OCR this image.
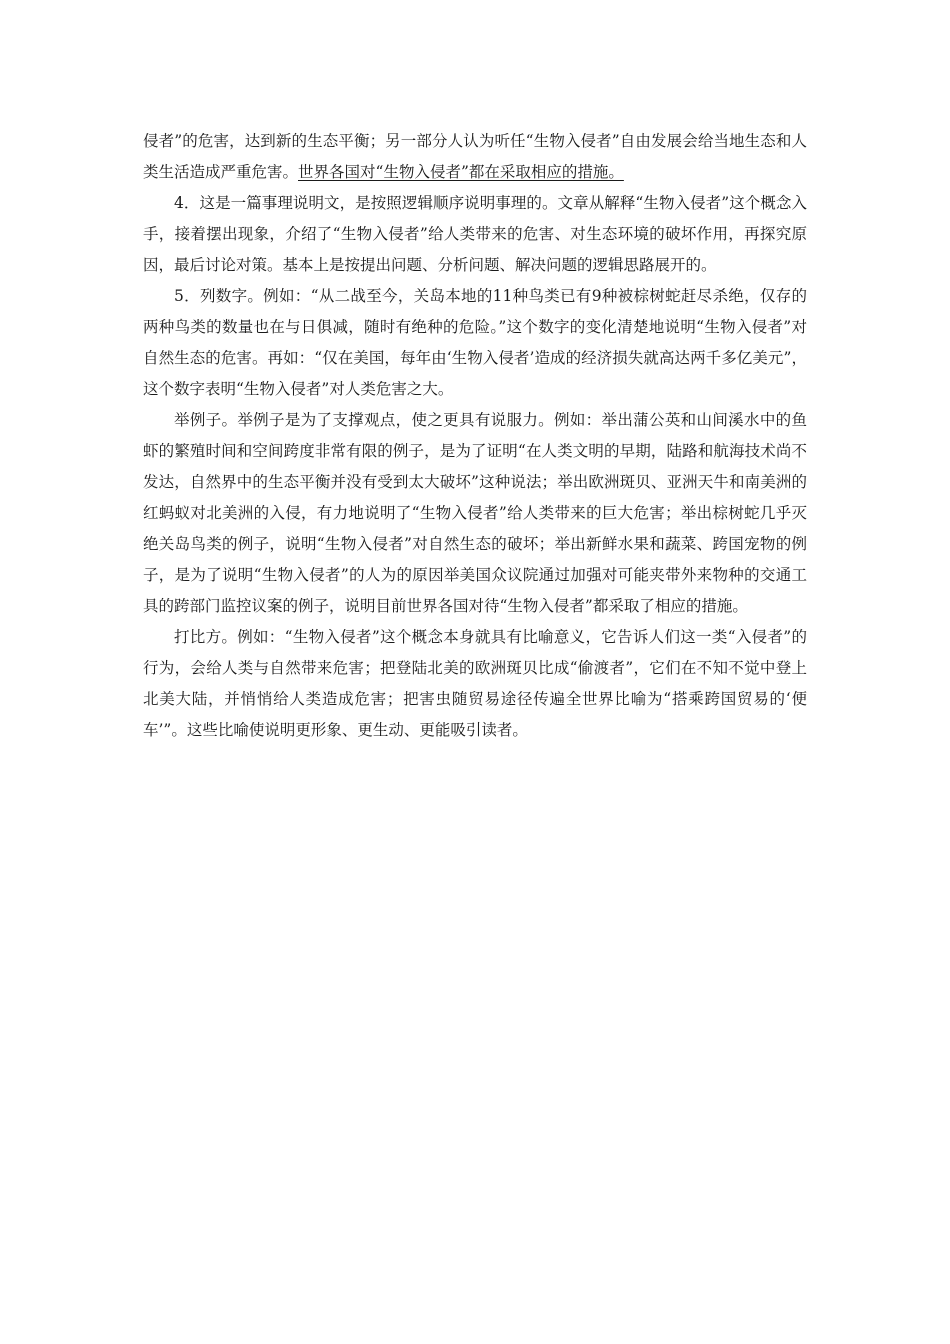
侵者”的危害，达到新的生态平衡；另一部分人认为听任“生物入侵者”自由发展会给当地生态和人类生活造成严重危害。世界各国对“生物入侵者”都在采取相应的措施。

4．这是一篇事理说明文，是按照逻辑顺序说明事理的。文章从解释“生物入侵者”这个概念入手，接着摆出现象，介绍了“生物入侵者”给人类带来的危害、对生态环境的破坏作用，再探究原因，最后讨论对策。基本上是按提出问题、分析问题、解决问题的逻辑思路展开的。

5．列数字。例如：“从二战至今，关岛本地的11种鸟类已有9种被棕树蛇赶尽杀绝，仅存的两种鸟类的数量也在与日俱减，随时有绝种的危险。”这个数字的变化清楚地说明“生物入侵者”对自然生态的危害。再如：“仅在美国，每年由‘生物入侵者’造成的经济损失就高达两千多亿美元”，这个数字表明“生物入侵者”对人类危害之大。

举例子。举例子是为了支撑观点，使之更具有说服力。例如：举出蒲公英和山间溪水中的鱼虾的繁殖时间和空间跨度非常有限的例子，是为了证明“在人类文明的早期，陆路和航海技术尚不发达，自然界中的生态平衡并没有受到太大破坏”这种说法；举出欧洲斑贝、亚洲天牛和南美洲的红蚂蚁对北美洲的入侵，有力地说明了“生物入侵者”给人类带来的巨大危害；举出棕树蛇几乎灭绝关岛鸟类的例子，说明“生物入侵者”对自然生态的破坏；举出新鲜水果和蔬菜、跨国宠物的例子，是为了说明“生物入侵者”的人为的原因举美国众议院通过加强对可能夹带外来物种的交通工具的跨部门监控议案的例子，说明目前世界各国对待“生物入侵者”都采取了相应的措施。

打比方。例如：“生物入侵者”这个概念本身就具有比喻意义，它告诉人们这一类“入侵者”的行为，会给人类与自然带来危害；把登陆北美的欧洲斑贝比成“偷渡者”，它们在不知不觉中登上北美大陆，并悄悄给人类造成危害；把害虫随贸易途径传遍全世界比喻为“搭乘跨国贸易的‘便车’”。这些比喻使说明更形象、更生动、更能吸引读者。
